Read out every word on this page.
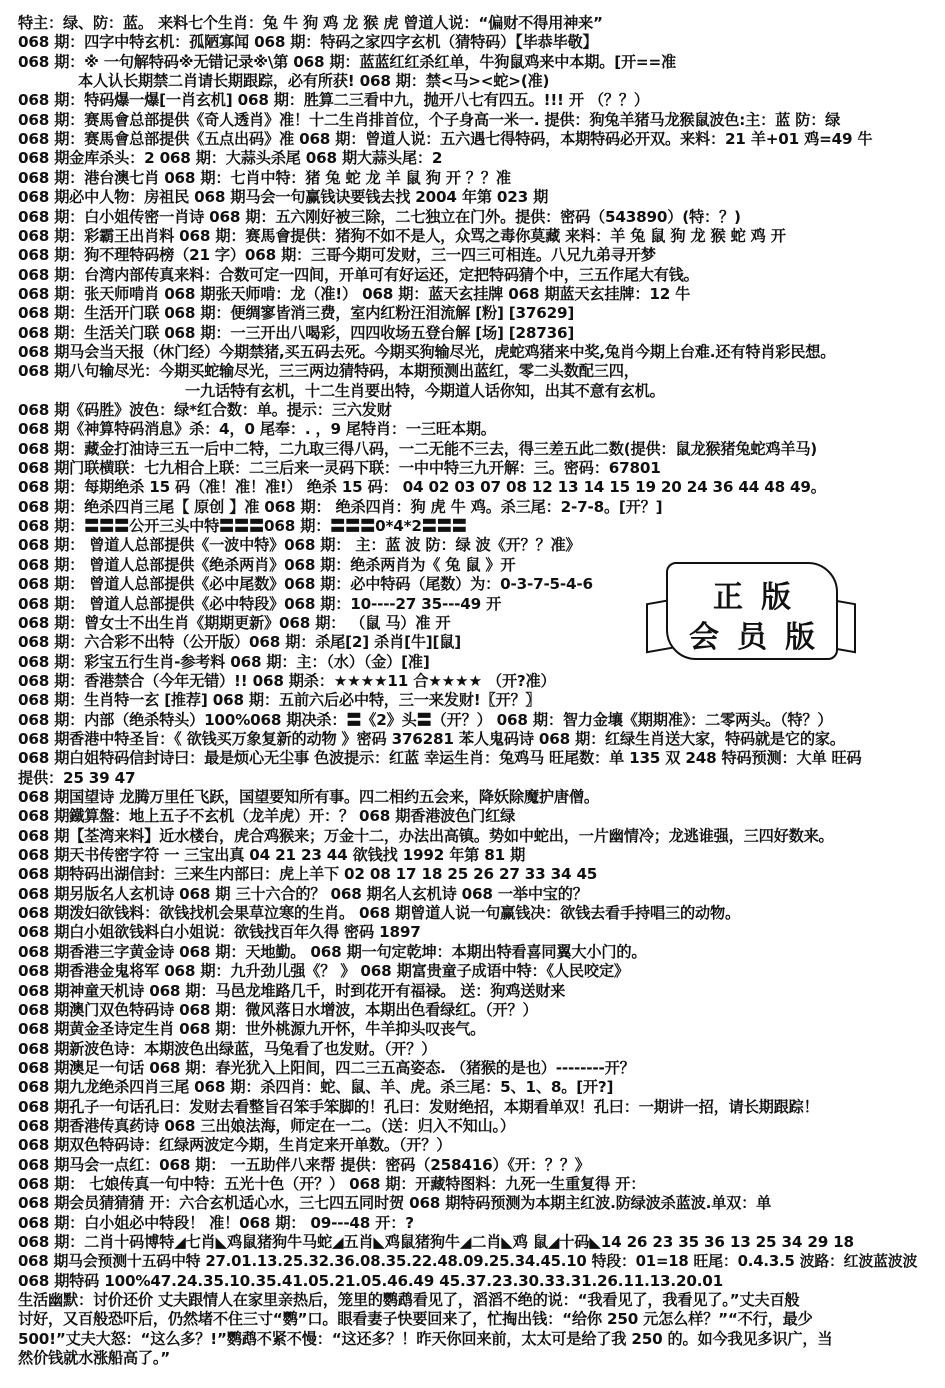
特主：绿、防：蓝。 来料七个生肖：兔 牛 狗 鸡 龙 猴 虎 曾道人说：“偏财不得用神来”
068 期：四字中特玄机：孤陋寡闻 068 期：特码之家四字玄机（猜特码）【毕恭毕敬】
068 期：※ 一句解特码※无错记录※\第 068 期：蓝蓝红红杀红单，牛狗鼠鸡来中本期。[开==准
本人认长期禁二肖请长期跟踪，必有所获! 068 期：禁<马><蛇>(准)
068 期：特码爆一爆[一肖玄机] 068 期：胜算二三看中九，抛开八七有四五。!!! 开 （？？）
068 期：赛馬會总部提供《奇人透肖》准！十二生肖排首位，个子身高一米一. 提供：狗兔羊猪马龙猴鼠波色:主：蓝 防：绿
068 期：赛馬會总部提供《五点出码》准 068 期：曾道人说：五六遇七得特码，本期特码必开双。来料：21 羊+01 鸡=49 牛
068 期金库杀头：2 068 期：大蒜头杀尾 068 期大蒜头尾：2
068 期：港台澳七肖 068 期：七肖中特：猪 兔 蛇 龙 羊 鼠 狗 开 ？？准
068 期必中人物：房祖民 068 期马会一句赢钱诀要钱去找 2004 年第 023 期
068 期：白小姐传密一肖诗 068 期：五六刚好被三除，二七独立在门外。提供：密码（543890）(特：？)
068 期：彩霸王出肖料 068 期：赛馬會提供：猪狗不如不是人，众骂之毒你莫藏 来料：羊 兔 鼠 狗 龙 猴 蛇 鸡 开
068 期：狗不理特码榜（21 字）068 期：三哥今期可发财，三一四三可相连。八兄九弟寻开梦
068 期：台湾内部传真来料：合数可定一四间，开单可有好运还，定把特码猜个中，三五作尾大有钱。
068 期：张天师啃肖 068 期张天师啃：龙（准!） 068 期：蓝天玄挂牌 068 期蓝天玄挂牌：12 牛
068 期：生活开门联 068 期：便绸寥皆消三费，室内红粉汪泪流解 [粉] [37629]
068 期：生活关门联 068 期：一三开出八喝彩，四四收场五登台解 [场] [28736]
068 期马会当天报（休门经）今期禁猪,买五码去死。今期买狗输尽光，虎蛇鸡猪来中奖,兔肖今期上台难.还有特肖彩民想。
068 期八句输尽光：今期买蛇输尽光，三三两边猜特码，本期预测出蓝红，零二头数配三四，
一九话特有玄机，十二生肖要出特，今期道人话你知，出其不意有玄机。
068 期《码胜》波色：绿*红合数：单。提示：三六发财
068 期《神算特码消息》杀：4，0 尾奉：. ，9 尾特肖：一三旺本期。
068 期：藏金打油诗三五一后中二特，二九取三得八码，一二无能不三去，得三差五此二数(提供：鼠龙猴猪兔蛇鸡羊马)
068 期门联横联：七九相合上联：二三后来一灵码下联：一中中特三九开解：三。密码：67801
068 期：每期绝杀 15 码（准！准！准!） 绝杀 15 码： 04 02 03 07 08 12 13 14 15 19 20 24 36 44 48 49。
068 期：绝杀四肖三尾【 原创 】准 068 期： 绝杀四肖：狗 虎 牛 鸡。杀三尾：2-7-8。[开？]
068 期：〓〓〓公开三头中特〓〓〓068 期：〓〓〓0*4*2〓〓〓
068 期： 曾道人总部提供《一波中特》068 期： 主：蓝 波 防：绿 波《开？？准》
068 期： 曾道人总部提供《绝杀两肖》068 期：绝杀两肖为《 兔 鼠 》开
068 期： 曾道人总部提供《必中尾数》068 期：必中特码（尾数）为：0-3-7-5-4-6
068 期： 曾道人总部提供《必中特段》068 期：10----27 35---49 开
068 期：曾女士不出生肖《期期更新》068 期： （鼠 马）准 开
068 期：六合彩不出特（公开版）068 期：杀尾[2] 杀肖[牛][鼠]
068 期：彩宝五行生肖-参考料 068 期：主：（水）（金）[准]
068 期：香港禁合（今年无错）!! 068 期杀：★★★★11 合★★★★ （开?准）
068 期：生肖特一玄 [推荐] 068 期：五前六后必中特，三一来发财!〖开？〗
068 期：内部（绝杀特头）100%068 期决杀：〓《2》头〓（开？） 068 期：智力金壤《期期准》：二零两头。（特？）
068 期香港中特圣旨：《 欲钱买万象复新的动物 》密码 376281 苯人鬼码诗 068 期：红绿生肖送大家，特码就是它的家。
068 期白姐特码信封诗曰：最是烦心无尘事 色波提示：红蓝 幸运生肖：兔鸡马 旺尾数：单 135 双 248 特码预测：大单 旺码
提供：25 39 47
068 期国望诗 龙腾万里任飞跃，国望要知所有事。四二相约五会来，降妖除魔护唐僧。
068 期鐵算盤：地上五子不玄机（龙羊虎）开：？ 068 期香港波色门红绿
068 期【荃湾来料】近水楼台，虎合鸡猴来；万金十二，办法出高镇。势如中蛇出，一片幽情冷；龙逃谁强，三四好数来。
068 期天书传密字符 一 三宝出真 04 21 23 44 欲钱找 1992 年第 81 期
068 期特码出湖信封：三来生内部曰：虎上羊下 02 08 17 18 25 26 27 33 34 45
068 期另版名人玄机诗 068 期 三十六合的？ 068 期名人玄机诗 068 一举中宝的？
068 期泼妇欲钱料：欲钱找机会果草泣寒的生肖。 068 期曾道人说一句赢钱决：欲钱去看手持唱三的动物。
068 期白小姐欲钱料白小姐说：欲钱找百年久得 密码 1897
068 期香港三字黄金诗 068 期：天地勤。 068 期一句定乾坤：本期出特看喜同翼大小门的。
068 期香港金鬼将军 068 期：九升劲儿强《？ 》 068 期富贵童子成语中特：《人民咬定》
068 期神童天机诗 068 期：马邑龙堆路几千，时到花开有福禄。 送：狗鸡送财来
068 期澳门双色特码诗 068 期：微风落日水增波，本期出色看绿红。（开？）
068 期黄金圣诗定生肖 068 期：世外桃源九开怀，牛羊抑头叹丧气。
068 期新波色诗：本期波色出绿蓝，马兔看了也发财。（开？）
068 期澳足一句话 068 期：春光犹入上阳间，四二三五高姿态. （猪猴的是也）--------开？
068 期九龙绝杀四肖三尾 068 期：杀四肖：蛇、鼠、羊、虎。杀三尾：5、1、8。[开?]
068 期孔子一句话孔曰：发财去看整旨召笨手笨脚的！孔曰：发财绝招，本期看单双！孔曰：一期讲一招，请长期跟踪！
068 期香港传真药诗 068 三出娘法海，师定在一二。（送：归入不知山。）
068 期双色特码诗：红绿两波定今期，生肖定来开单数。（开？）
068 期马会一点红：068 期： 一五助伴八来帮 提供：密码（258416）《开：？？》
068 期： 七娘传真一句中特：五光十色（开？） 068 期：开藏特图料：九死一生重复得 开：
068 期会员猜猜猜 开：六合玄机适心水，三七四五同时贺 068 期特码预测为本期主红波.防绿波杀蓝波.单双：单
068 期：白小姐必中特段！ 准！068 期： 09---48 开：?
068 期：二肖十码博特◢七肖◣鸡鼠猪狗牛马蛇◢五肖◣鸡鼠猪狗牛◢二肖◣鸡 鼠◢十码◣14 26 23 35 36 13 25 34 29 18
068 期马会预测十五码中特 27.01.13.25.32.36.08.35.22.48.09.25.34.45.10 特段：01=18 旺尾：0.4.3.5 波路：红波蓝波波
068 期特码 100%47.24.35.10.35.41.05.21.05.46.49 45.37.23.30.33.31.26.11.13.20.01
生活幽默：讨价还价 丈夫跟情人在家里亲热后，笼里的鹦鹉看见了，滔滔不绝的说：“我看见了，我看见了。”丈夫百般
讨好，又百般恐吓后，仍然堵不住三寸“鹦”口。眼看妻子快要回来了，忙掏出钱：“给你 250 元怎么样？”“不行，最少
500!”丈夫大怒：“这么多？!”鹦鹉不紧不慢：“这还多？！昨天你回来前，太太可是给了我 250 的。如今我见多识广，当
然价钱就水涨船高了。”
正版
会员版
